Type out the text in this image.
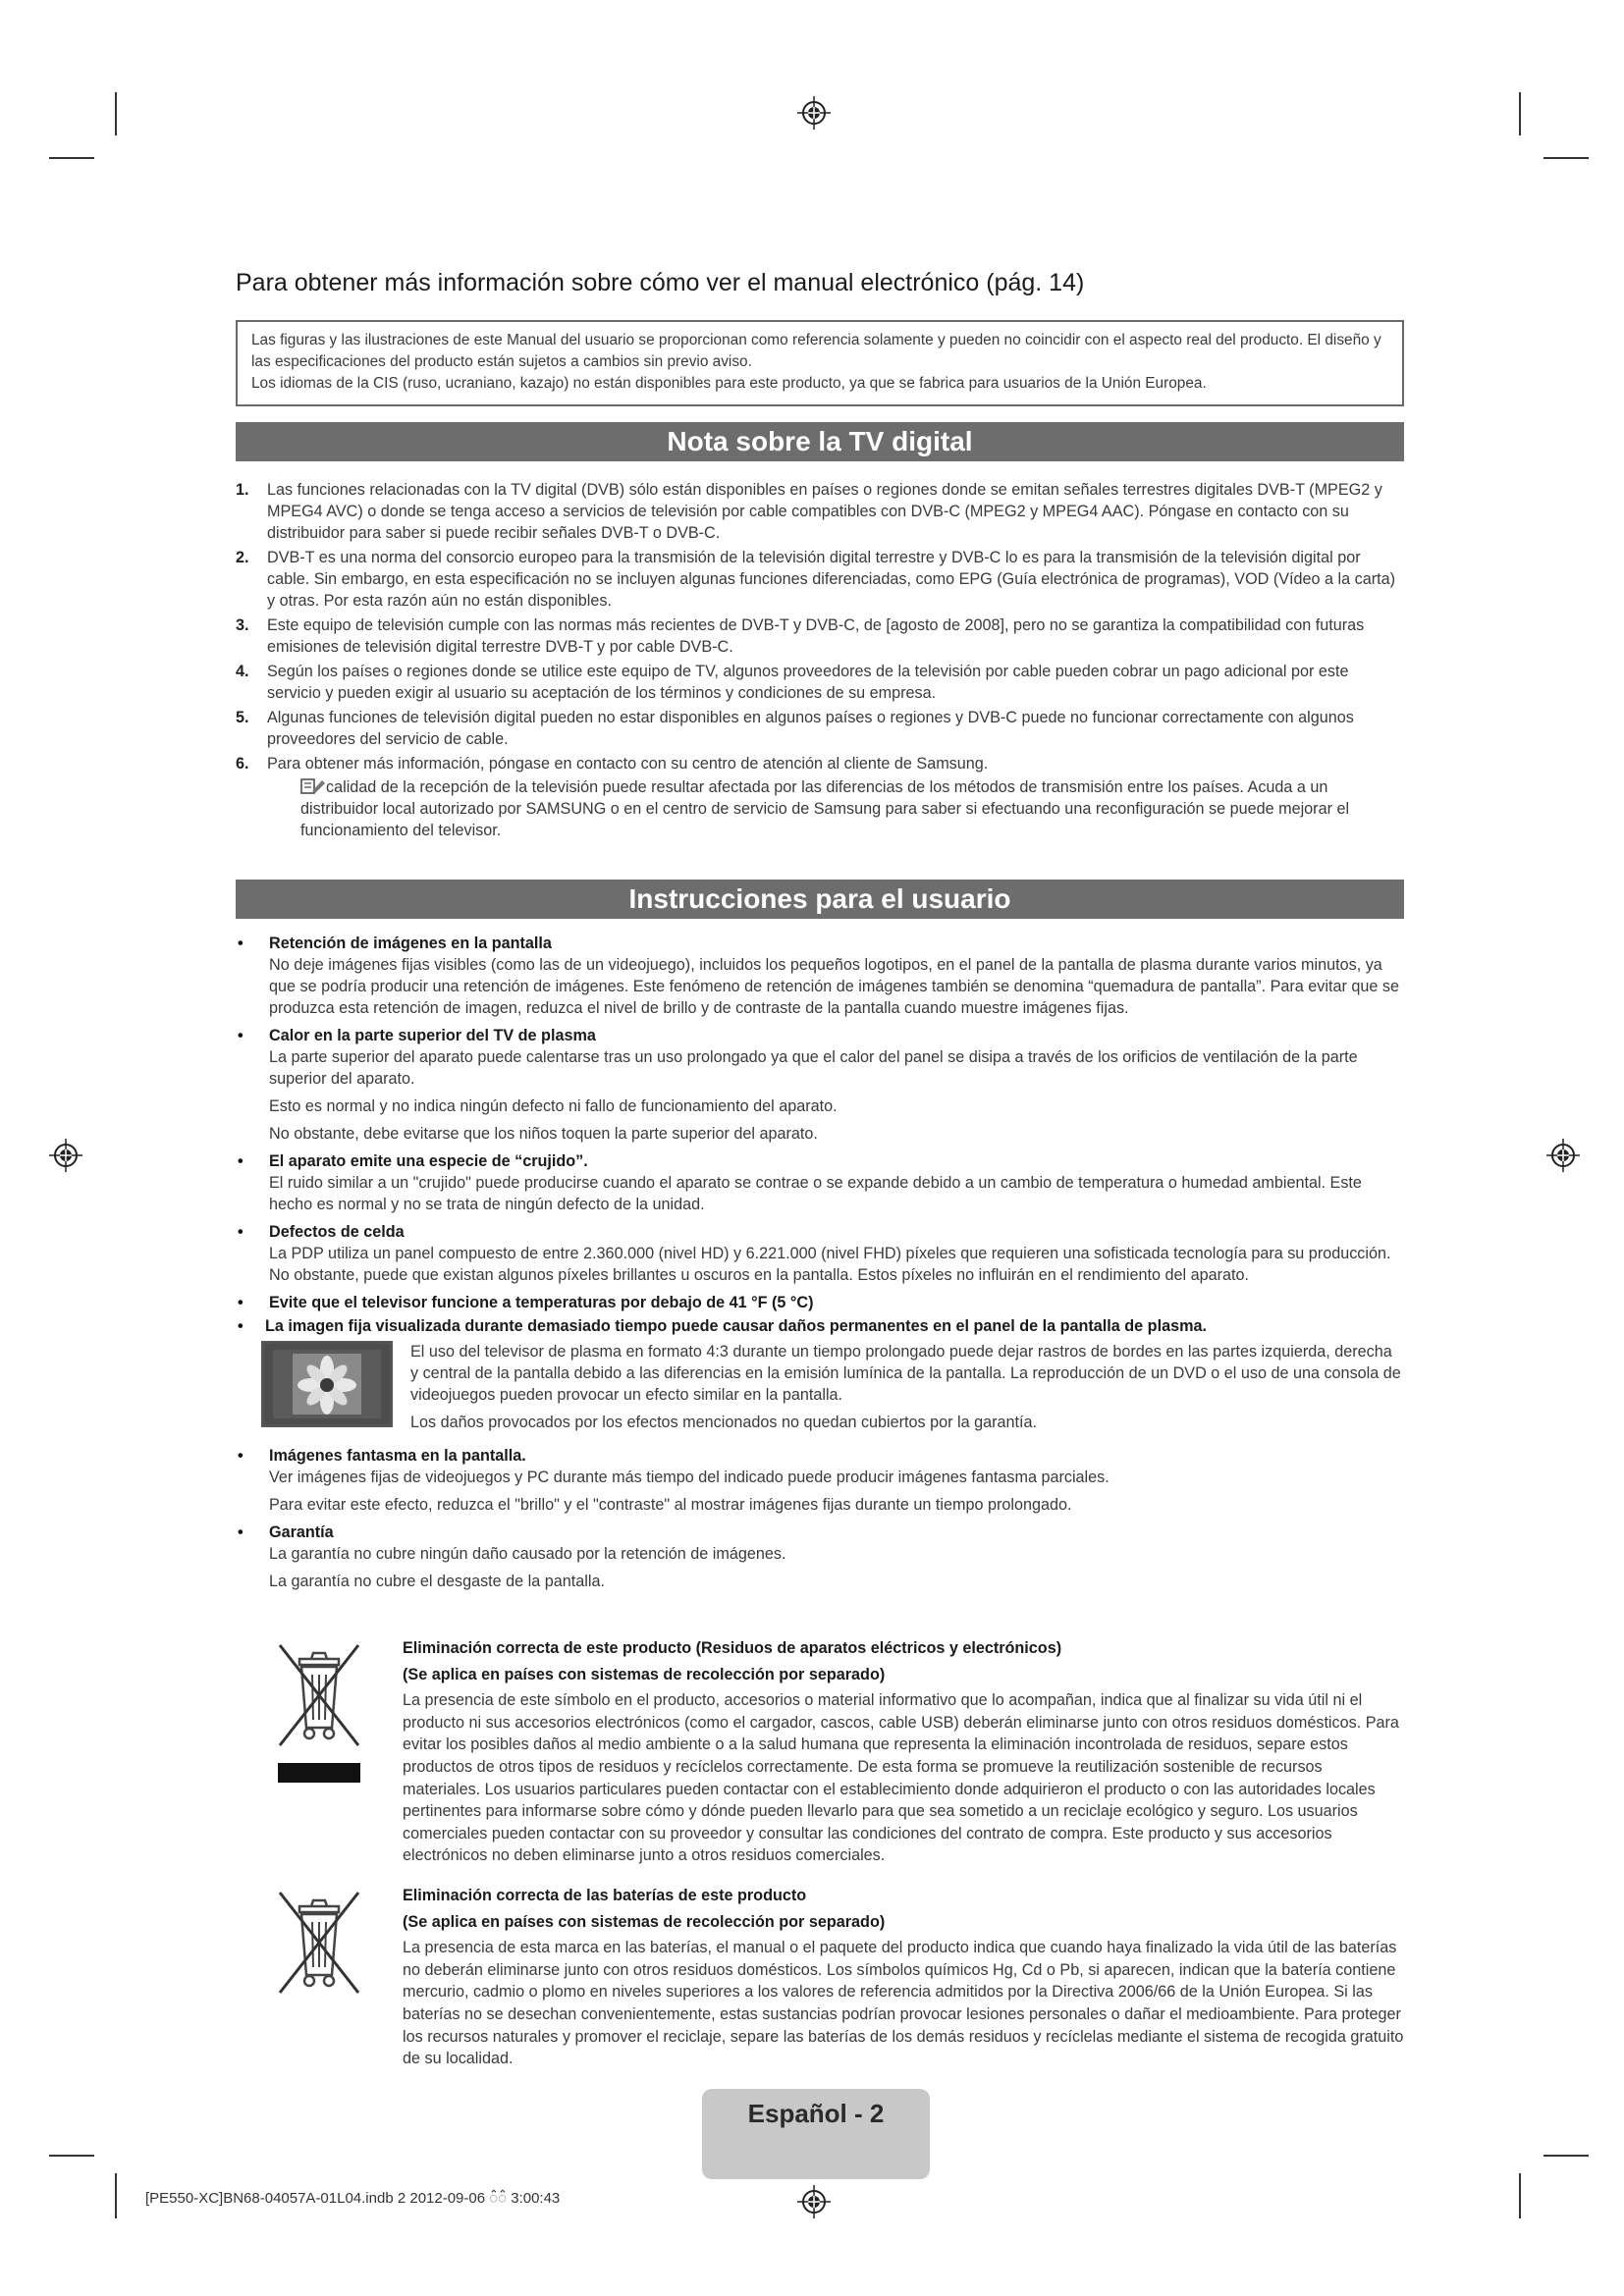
Para obtener más información sobre cómo ver el manual electrónico (pág. 14)

Las figuras y las ilustraciones de este Manual del usuario se proporcionan como referencia solamente y pueden no coincidir con el aspecto real del producto. El diseño y las especificaciones del producto están sujetos a cambios sin previo aviso.

Los idiomas de la CIS (ruso, ucraniano, kazajo) no están disponibles para este producto, ya que se fabrica para usuarios de la Unión Europea.

Nota sobre la TV digital
1. Las funciones relacionadas con la TV digital (DVB) sólo están disponibles en países o regiones donde se emitan señales terrestres digitales DVB-T (MPEG2 y MPEG4 AVC) o donde se tenga acceso a servicios de televisión por cable compatibles con DVB-C (MPEG2 y MPEG4 AAC). Póngase en contacto con su distribuidor para saber si puede recibir señales DVB-T o DVB-C.
2. DVB-T es una norma del consorcio europeo para la transmisión de la televisión digital terrestre y DVB-C lo es para la transmisión de la televisión digital por cable. Sin embargo, en esta especificación no se incluyen algunas funciones diferenciadas, como EPG (Guía electrónica de programas), VOD (Vídeo a la carta) y otras. Por esta razón aún no están disponibles.
3. Este equipo de televisión cumple con las normas más recientes de DVB-T y DVB-C, de [agosto de 2008], pero no se garantiza la compatibilidad con futuras emisiones de televisión digital terrestre DVB-T y por cable DVB-C.
4. Según los países o regiones donde se utilice este equipo de TV, algunos proveedores de la televisión por cable pueden cobrar un pago adicional por este servicio y pueden exigir al usuario su aceptación de los términos y condiciones de su empresa.
5. Algunas funciones de televisión digital pueden no estar disponibles en algunos países o regiones y DVB-C puede no funcionar correctamente con algunos proveedores del servicio de cable.
6. Para obtener más información, póngase en contacto con su centro de atención al cliente de Samsung.
calidad de la recepción de la televisión puede resultar afectada por las diferencias de los métodos de transmisión entre los países. Acuda a un distribuidor local autorizado por SAMSUNG o en el centro de servicio de Samsung para saber si efectuando una reconfiguración se puede mejorar el funcionamiento del televisor.
Instrucciones para el usuario
• Retención de imágenes en la pantalla

No deje imágenes fijas visibles (como las de un videojuego), incluidos los pequeños logotipos, en el panel de la pantalla de plasma durante varios minutos, ya que se podría producir una retención de imágenes. Este fenómeno de retención de imágenes también se denomina “quemadura de pantalla”. Para evitar que se produzca esta retención de imagen, reduzca el nivel de brillo y de contraste de la pantalla cuando muestre imágenes fijas.

• Calor en la parte superior del TV de plasma

La parte superior del aparato puede calentarse tras un uso prolongado ya que el calor del panel se disipa a través de los orificios de ventilación de la parte superior del aparato.

Esto es normal y no indica ningún defecto ni fallo de funcionamiento del aparato.

No obstante, debe evitarse que los niños toquen la parte superior del aparato.

• El aparato emite una especie de “crujido”.

El ruido similar a un "crujido" puede producirse cuando el aparato se contrae o se expande debido a un cambio de temperatura o humedad ambiental. Este hecho es normal y no se trata de ningún defecto de la unidad.

• Defectos de celda

La PDP utiliza un panel compuesto de entre 2.360.000 (nivel HD) y 6.221.000 (nivel FHD) píxeles que requieren una sofisticada tecnología para su producción. No obstante, puede que existan algunos píxeles brillantes u oscuros en la pantalla. Estos píxeles no influirán en el rendimiento del aparato.

• Evite que el televisor funcione a temperaturas por debajo de 41 °F (5 °C)
• La imagen fija visualizada durante demasiado tiempo puede causar daños permanentes en el panel de la pantalla de plasma.

El uso del televisor de plasma en formato 4:3 durante un tiempo prolongado puede dejar rastros de bordes en las partes izquierda, derecha y central de la pantalla debido a las diferencias en la emisión lumínica de la pantalla. La reproducción de un DVD o el uso de una consola de videojuegos pueden provocar un efecto similar en la pantalla.

Los daños provocados por los efectos mencionados no quedan cubiertos por la garantía.

• Imágenes fantasma en la pantalla.

Ver imágenes fijas de videojuegos y PC durante más tiempo del indicado puede producir imágenes fantasma parciales.

Para evitar este efecto, reduzca el "brillo" y el "contraste" al mostrar imágenes fijas durante un tiempo prolongado.

• Garantía

La garantía no cubre ningún daño causado por la retención de imágenes.

La garantía no cubre el desgaste de la pantalla.

Eliminación correcta de este producto (Residuos de aparatos eléctricos y electrónicos)

(Se aplica en países con sistemas de recolección por separado)

La presencia de este símbolo en el producto, accesorios o material informativo que lo acompañan, indica que al finalizar su vida útil ni el producto ni sus accesorios electrónicos (como el cargador, cascos, cable USB) deberán eliminarse junto con otros residuos domésticos. Para evitar los posibles daños al medio ambiente o a la salud humana que representa la eliminación incontrolada de residuos, separe estos productos de otros tipos de residuos y recíclelos correctamente. De esta forma se promueve la reutilización sostenible de recursos materiales. Los usuarios particulares pueden contactar con el establecimiento donde adquirieron el producto o con las autoridades locales pertinentes para informarse sobre cómo y dónde pueden llevarlo para que sea sometido a un reciclaje ecológico y seguro. Los usuarios comerciales pueden contactar con su proveedor y consultar las condiciones del contrato de compra. Este producto y sus accesorios electrónicos no deben eliminarse junto a otros residuos comerciales.

Eliminación correcta de las baterías de este producto

(Se aplica en países con sistemas de recolección por separado)

La presencia de esta marca en las baterías, el manual o el paquete del producto indica que cuando haya finalizado la vida útil de las baterías no deberán eliminarse junto con otros residuos domésticos. Los símbolos químicos Hg, Cd o Pb, si aparecen, indican que la batería contiene mercurio, cadmio o plomo en niveles superiores a los valores de referencia admitidos por la Directiva 2006/66 de la Unión Europea. Si las baterías no se desechan convenientemente, estas sustancias podrían provocar lesiones personales o dañar el medioambiente. Para proteger los recursos naturales y promover el reciclaje, separe las baterías de los demás residuos y recíclelas mediante el sistema de recogida gratuito de su localidad.

Español - 2
[PE550-XC]BN68-04057A-01L04.indb 2 2012-09-06 ꠆꠆ 3:00:43
